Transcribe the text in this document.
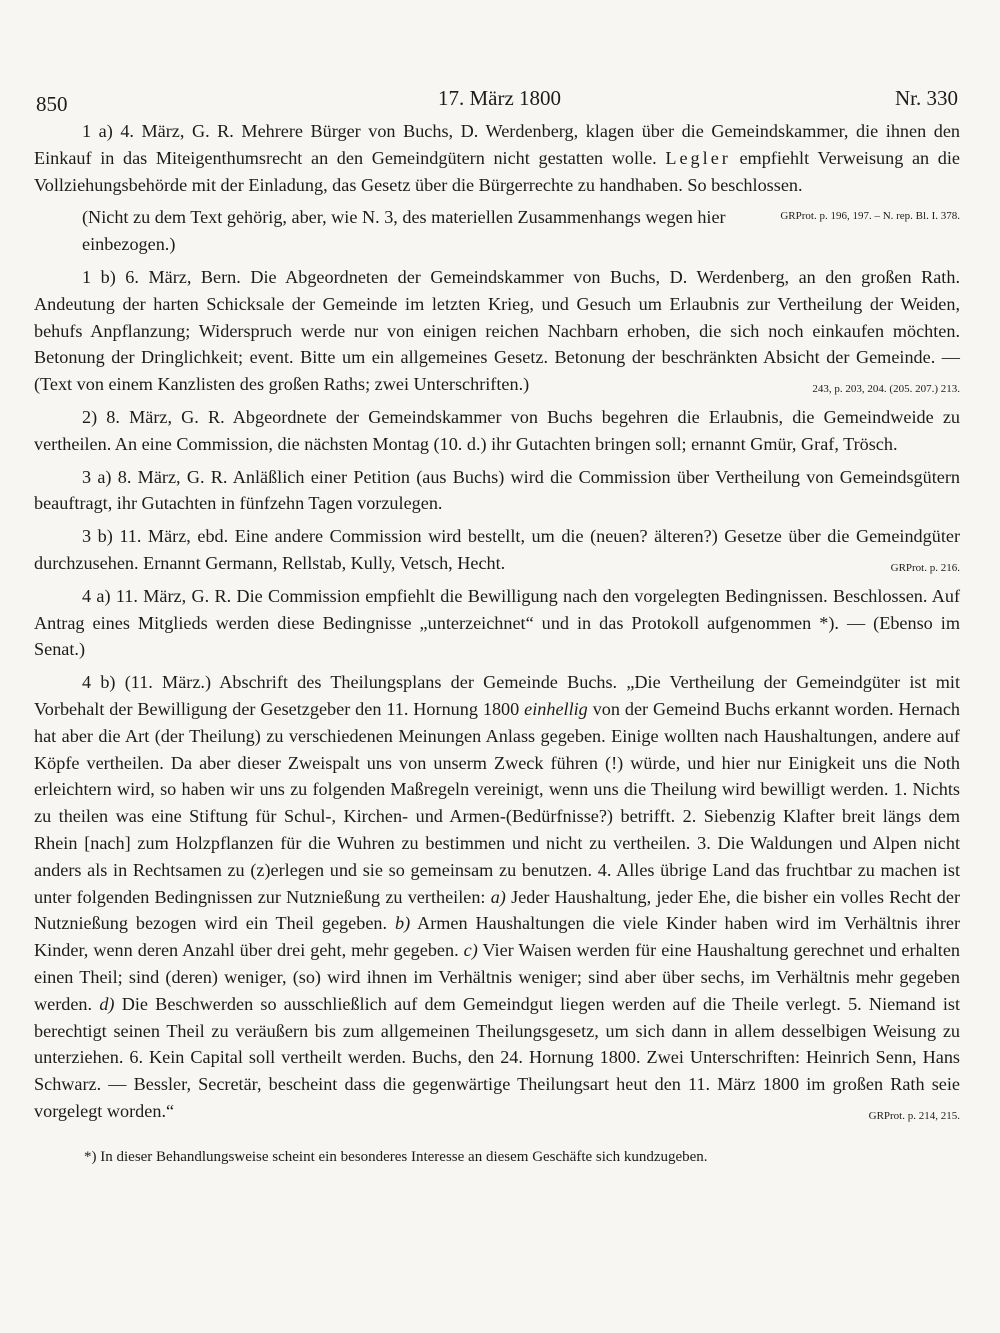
850	17. März 1800	Nr. 330

1 a) 4. März, G. R. Mehrere Bürger von Buchs, D. Werdenberg, klagen über die Gemeindskammer, die ihnen den Einkauf in das Miteigenthumsrecht an den Gemeindgütern nicht gestatten wolle. Legler empfiehlt Verweisung an die Vollziehungsbehörde mit der Einladung, das Gesetz über die Bürgerrechte zu handhaben. So beschlossen.
GRProt. p. 196, 197. – N. rep. Bl. I. 378.

(Nicht zu dem Text gehörig, aber, wie N. 3, des materiellen Zusammenhangs wegen hier einbezogen.)

1 b) 6. März, Bern. Die Abgeordneten der Gemeindskammer von Buchs, D. Werdenberg, an den großen Rath. Andeutung der harten Schicksale der Gemeinde im letzten Krieg, und Gesuch um Erlaubnis zur Vertheilung der Weiden, behufs Anpflanzung; Widerspruch werde nur von einigen reichen Nachbarn erhoben, die sich noch einkaufen möchten. Betonung der Dringlichkeit; event. Bitte um ein allgemeines Gesetz. Betonung der beschränkten Absicht der Gemeinde. — (Text von einem Kanzlisten des großen Raths; zwei Unterschriften.)	243, p. 203, 204. (205. 207.) 213.

2) 8. März, G. R. Abgeordnete der Gemeindskammer von Buchs begehren die Erlaubnis, die Gemeindweide zu vertheilen. An eine Commission, die nächsten Montag (10. d.) ihr Gutachten bringen soll; ernannt Gmür, Graf, Trösch.

3 a) 8. März, G. R. Anläßlich einer Petition (aus Buchs) wird die Commission über Vertheilung von Gemeindsgütern beauftragt, ihr Gutachten in fünfzehn Tagen vorzulegen.

3 b) 11. März, ebd. Eine andere Commission wird bestellt, um die (neuen? älteren?) Gesetze über die Gemeindgüter durchzusehen. Ernannt Germann, Rellstab, Kully, Vetsch, Hecht.	GRProt. p. 216.

4 a) 11. März, G. R. Die Commission empfiehlt die Bewilligung nach den vorgelegten Bedingnissen. Beschlossen. Auf Antrag eines Mitglieds werden diese Bedingnisse „unterzeichnet“ und in das Protokoll aufgenommen *). — (Ebenso im Senat.)

4 b) (11. März.) Abschrift des Theilungsplans der Gemeinde Buchs. „Die Vertheilung der Gemeindgüter ist mit Vorbehalt der Bewilligung der Gesetzgeber den 11. Hornung 1800 einhellig von der Gemeind Buchs erkannt worden. Hernach hat aber die Art (der Theilung) zu verschiedenen Meinungen Anlass gegeben. Einige wollten nach Haushaltungen, andere auf Köpfe vertheilen. Da aber dieser Zweispalt uns von unserm Zweck führen (!) würde, und hier nur Einigkeit uns die Noth erleichtern wird, so haben wir uns zu folgenden Maßregeln vereinigt, wenn uns die Theilung wird bewilligt werden. 1. Nichts zu theilen was eine Stiftung für Schul-, Kirchen- und Armen-(Bedürfnisse?) betrifft. 2. Siebenzig Klafter breit längs dem Rhein [nach] zum Holzpflanzen für die Wuhren zu bestimmen und nicht zu vertheilen. 3. Die Waldungen und Alpen nicht anders als in Rechtsamen zu (z)erlegen und sie so gemeinsam zu benutzen. 4. Alles übrige Land das fruchtbar zu machen ist unter folgenden Bedingnissen zur Nutznießung zu vertheilen: a) Jeder Haushaltung, jeder Ehe, die bisher ein volles Recht der Nutznießung bezogen wird ein Theil gegeben. b) Armen Haushaltungen die viele Kinder haben wird im Verhältnis ihrer Kinder, wenn deren Anzahl über drei geht, mehr gegeben. c) Vier Waisen werden für eine Haushaltung gerechnet und erhalten einen Theil; sind (deren) weniger, (so) wird ihnen im Verhältnis weniger; sind aber über sechs, im Verhältnis mehr gegeben werden. d) Die Beschwerden so ausschließlich auf dem Gemeindgut liegen werden auf die Theile verlegt. 5. Niemand ist berechtigt seinen Theil zu veräußern bis zum allgemeinen Theilungsgesetz, um sich dann in allem desselbigen Weisung zu unterziehen. 6. Kein Capital soll vertheilt werden. Buchs, den 24. Hornung 1800. Zwei Unterschriften: Heinrich Senn, Hans Schwarz. — Bessler, Secretär, bescheint dass die gegenwärtige Theilungsart heut den 11. März 1800 im großen Rath seie vorgelegt worden.“	GRProt. p. 214, 215.

*) In dieser Behandlungsweise scheint ein besonderes Interesse an diesem Geschäfte sich kundzugeben.
